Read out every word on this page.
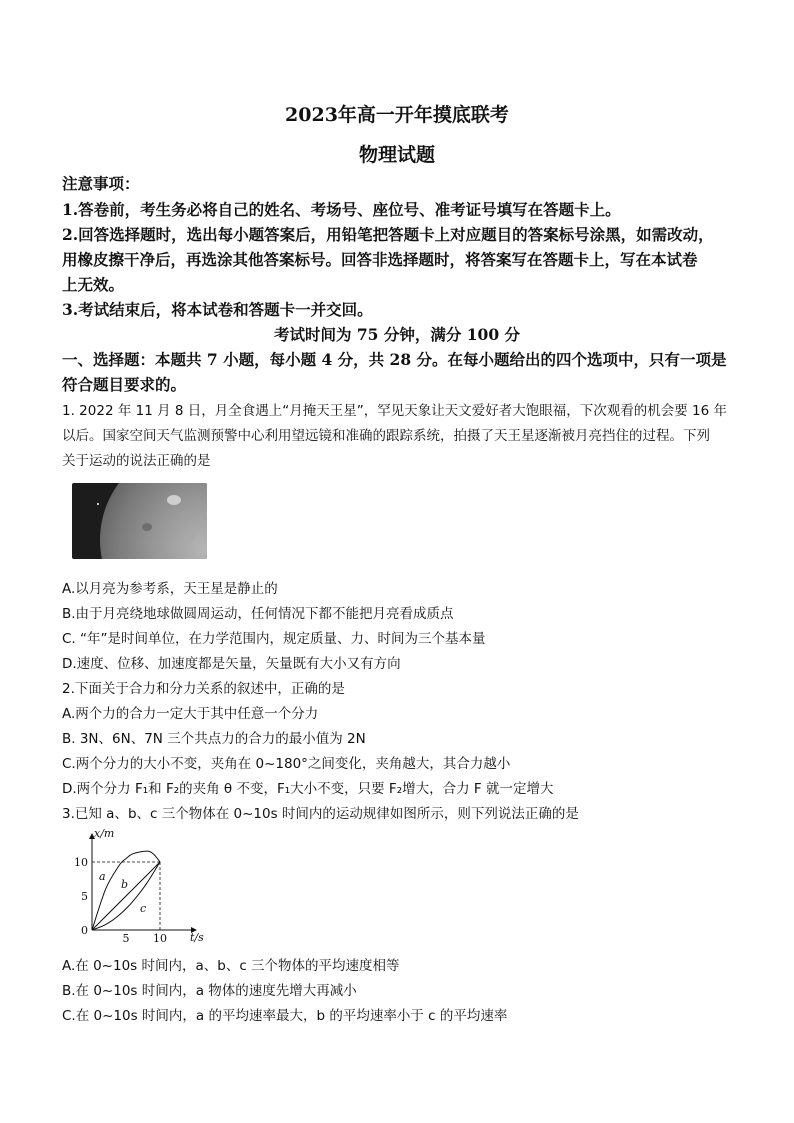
2023年高一开年摸底联考
物理试题
注意事项：
1.答卷前，考生务必将自己的姓名、考场号、座位号、准考证号填写在答题卡上。
2.回答选择题时，选出每小题答案后，用铅笔把答题卡上对应题目的答案标号涂黑，如需改动，
用橡皮擦干净后，再选涂其他答案标号。回答非选择题时，将答案写在答题卡上，写在本试卷
上无效。
3.考试结束后，将本试卷和答题卡一并交回。
考试时间为 75 分钟，满分 100 分
一、选择题：本题共 7 小题，每小题 4 分，共 28 分。在每小题给出的四个选项中，只有一项是
符合题目要求的。
1. 2022 年 11 月 8 日，月全食遇上“月掩天王星”，罕见天象让天文爱好者大饱眼福，下次观看的机会要 16 年
以后。国家空间天气监测预警中心利用望远镜和准确的跟踪系统，拍摄了天王星逐渐被月亮挡住的过程。下列
关于运动的说法正确的是
A.以月亮为参考系，天王星是静止的
B.由于月亮绕地球做圆周运动，任何情况下都不能把月亮看成质点
C. “年”是时间单位，在力学范围内，规定质量、力、时间为三个基本量
D.速度、位移、加速度都是矢量，矢量既有大小又有方向
2.下面关于合力和分力关系的叙述中，正确的是
A.两个力的合力一定大于其中任意一个分力
B. 3N、6N、7N 三个共点力的合力的最小值为 2N
C.两个分力的大小不变，夹角在 0~180°之间变化，夹角越大，其合力越小
D.两个分力 F₁和 F₂的夹角 θ 不变，F₁大小不变，只要 F₂增大，合力 F 就一定增大
3.已知 a、b、c 三个物体在 0~10s 时间内的运动规律如图所示，则下列说法正确的是
x/m
t/s
0
5 10
5
10
a
b
c
A.在 0~10s 时间内，a、b、c 三个物体的平均速度相等
B.在 0~10s 时间内，a 物体的速度先增大再减小
C.在 0~10s 时间内，a 的平均速率最大，b 的平均速率小于 c 的平均速率
